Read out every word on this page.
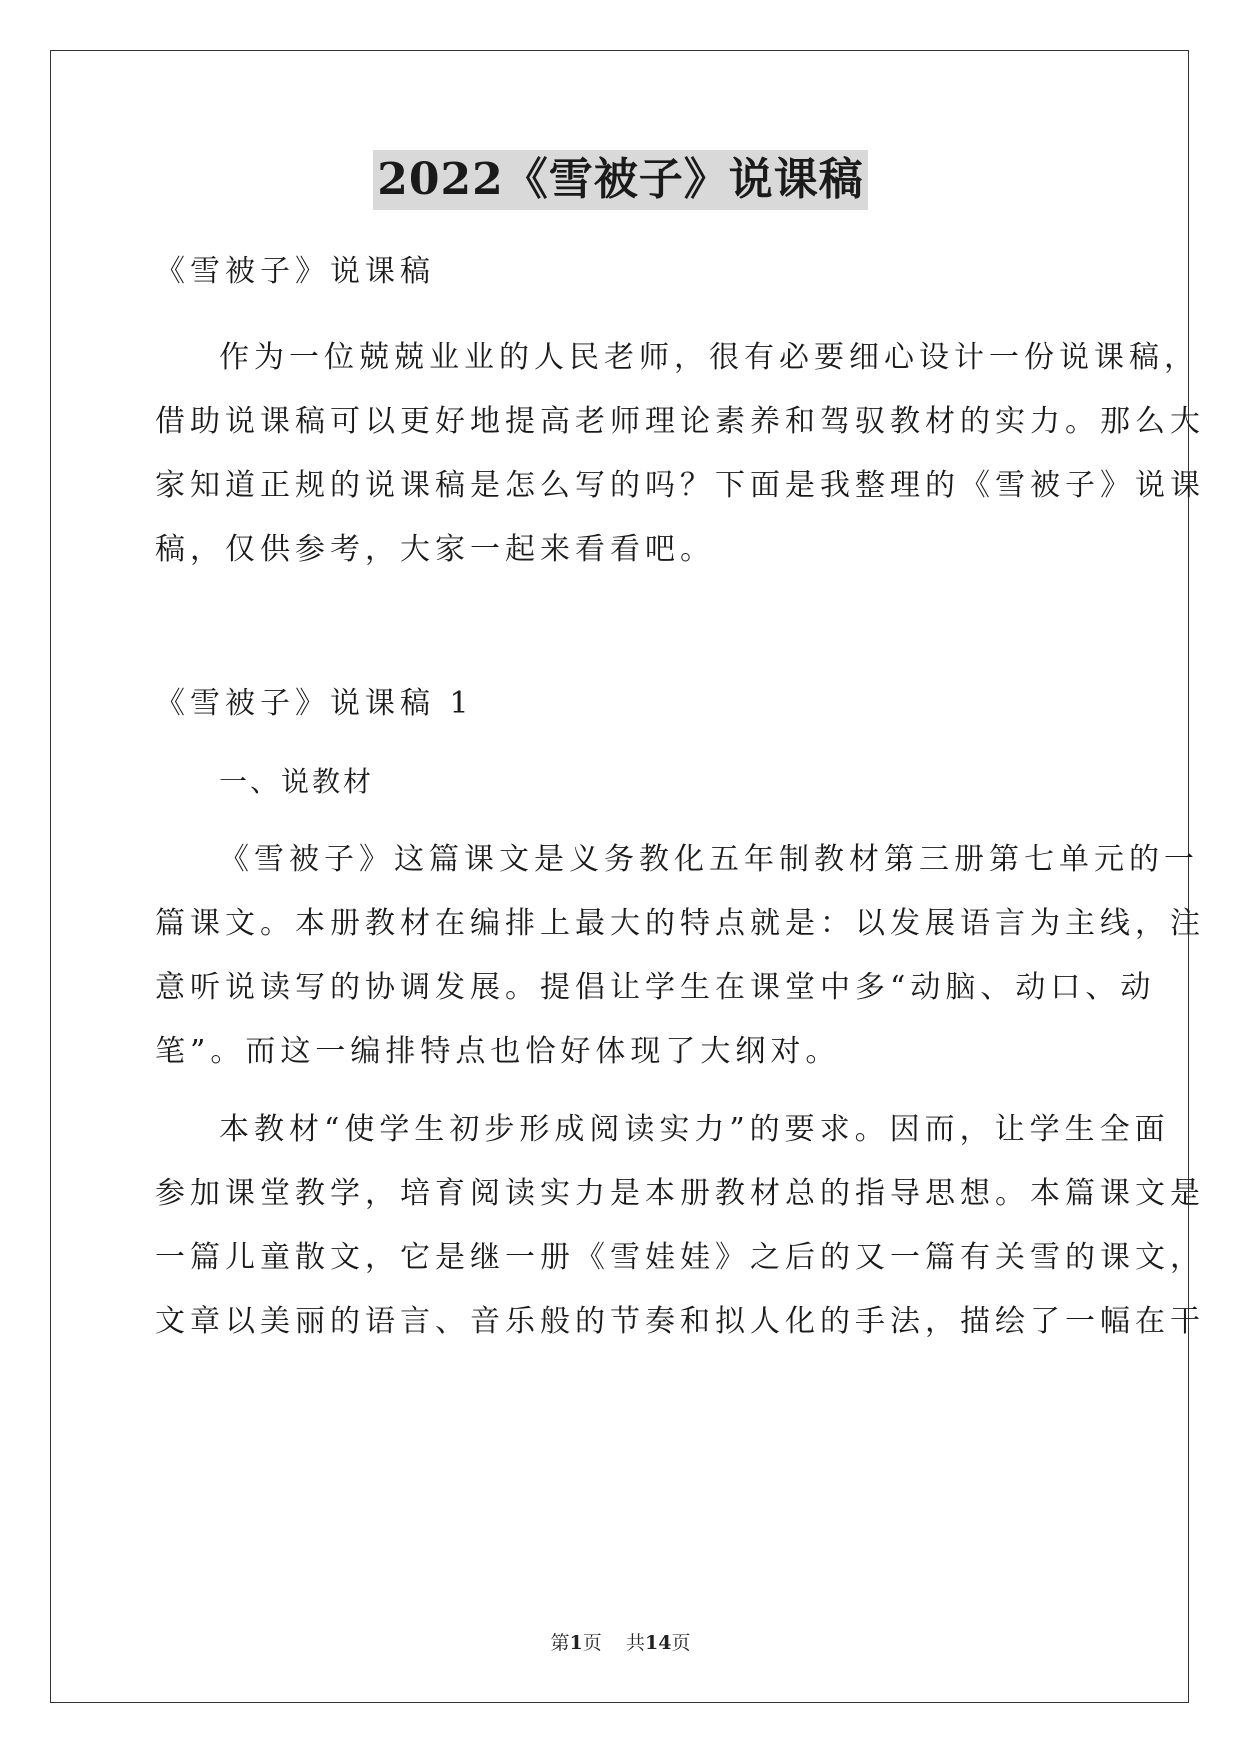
2022《雪被子》说课稿
《雪被子》说课稿
作为一位兢兢业业的人民老师，很有必要细心设计一份说课稿，
借助说课稿可以更好地提高老师理论素养和驾驭教材的实力。那么大
家知道正规的说课稿是怎么写的吗？下面是我整理的《雪被子》说课
稿，仅供参考，大家一起来看看吧。
《雪被子》说课稿 1
一、说教材
《雪被子》这篇课文是义务教化五年制教材第三册第七单元的一
篇课文。本册教材在编排上最大的特点就是：以发展语言为主线，注
意听说读写的协调发展。提倡让学生在课堂中多“动脑、动口、动
笔”。而这一编排特点也恰好体现了大纲对。
本教材“使学生初步形成阅读实力”的要求。因而，让学生全面
参加课堂教学，培育阅读实力是本册教材总的指导思想。本篇课文是
一篇儿童散文，它是继一册《雪娃娃》之后的又一篇有关雪的课文，
文章以美丽的语言、音乐般的节奏和拟人化的手法，描绘了一幅在干
第1页 共14页
